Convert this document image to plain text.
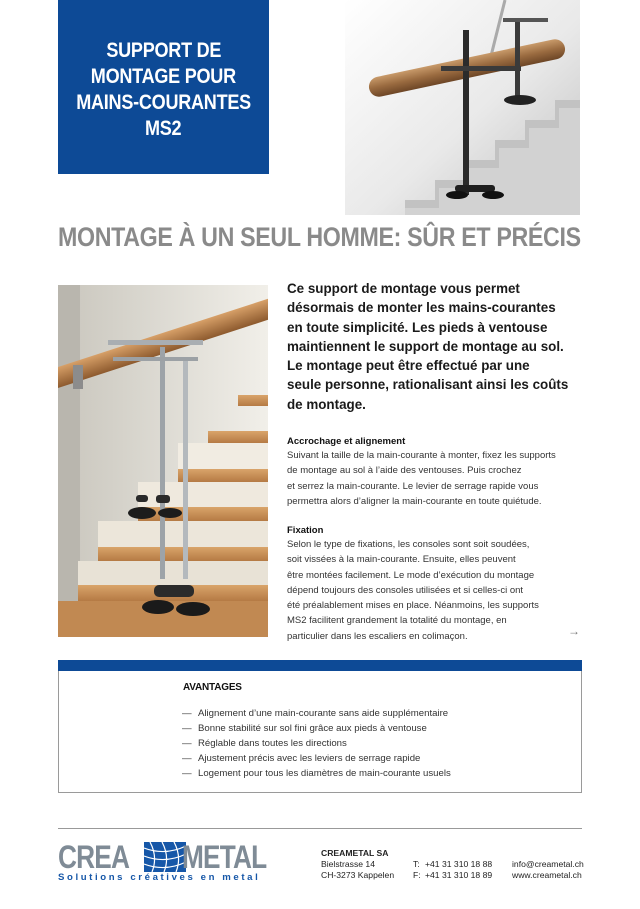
SUPPORT DE
MONTAGE POUR
MAINS-COURANTES
MS2
MONTAGE À UN SEUL HOMME: SÛR ET PRÉCIS
Ce support de montage vous permet
désormais de monter les mains-courantes
en toute simplicité. Les pieds à ventouse
maintiennent le support de montage au sol.
Le montage peut être effectué par une
seule personne, rationalisant ainsi les coûts
de montage.
Accrochage et alignement
Suivant la taille de la main-courante à monter, fixez les supports
de montage au sol à l’aide des ventouses. Puis crochez
et serrez la main-courante. Le levier de serrage rapide vous
permettra alors d’aligner la main-courante en toute quiétude.
Fixation
Selon le type de fixations, les consoles sont soit soudées,
soit vissées à la main-courante. Ensuite, elles peuvent
être montées facilement. Le mode d’exécution du montage
dépend toujours des consoles utilisées et si celles-ci ont
été préalablement mises en place. Néanmoins, les supports
MS2 facilitent grandement la totalité du montage, en
particulier dans les escaliers en colimaçon.	→
AVANTAGES
— Alignement d’une main-courante sans aide supplémentaire
— Bonne stabilité sur sol fini grâce aux pieds à ventouse
— Réglable dans toutes les directions
— Ajustement précis avec les leviers de serrage rapide
— Logement pour tous les diamètres de main-courante usuels
CREA METAL
Solutions créatives en metal
CREAMETAL SA
Bielstrasse 14
CH-3273 Kappelen
T:
F:
+41 31 310 18 88
+41 31 310 18 89
info@creametal.ch
www.creametal.ch
